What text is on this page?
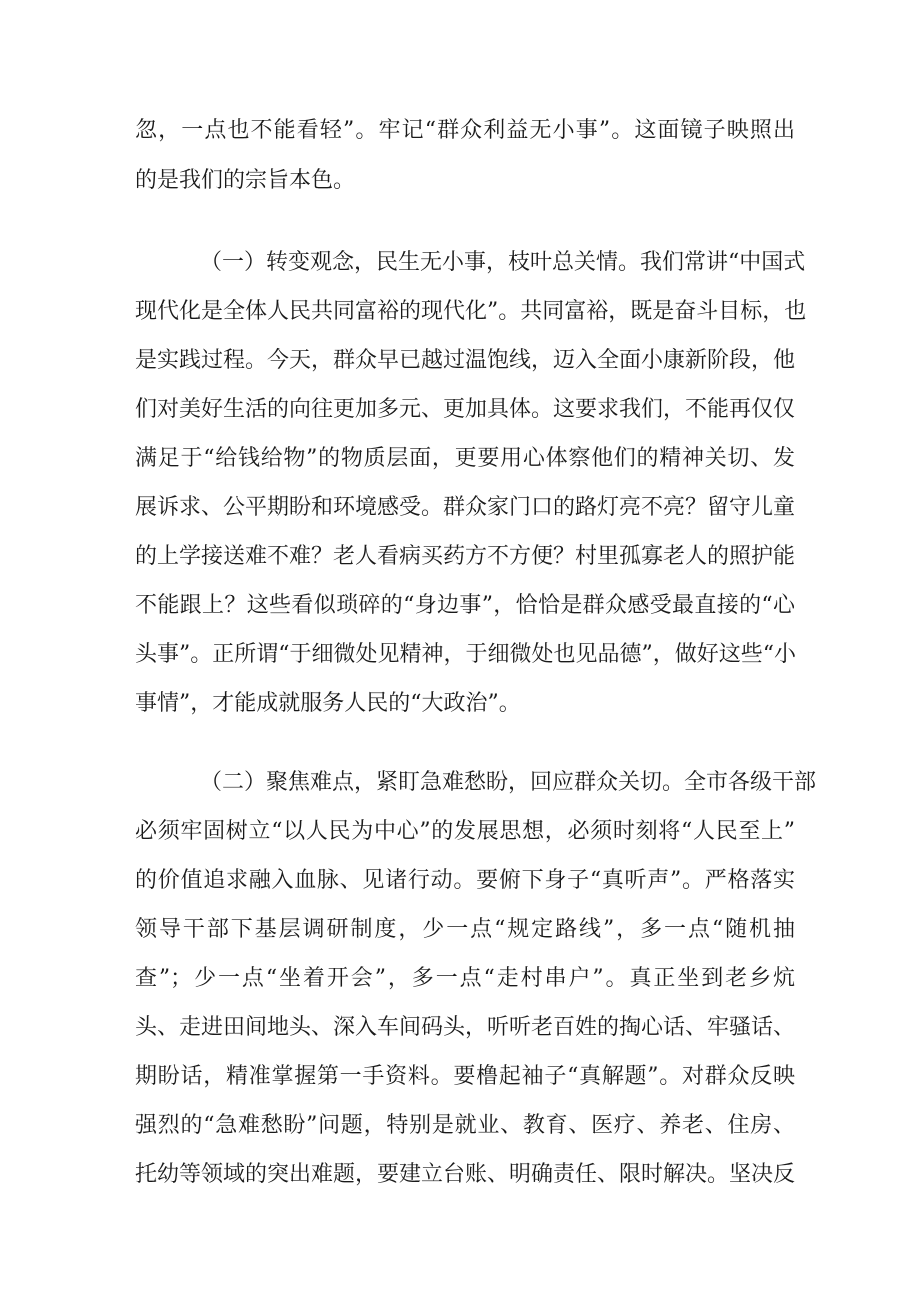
忽，一点也不能看轻”。牢记“群众利益无小事”。这面镜子映照出
的是我们的宗旨本色。
（一）转变观念，民生无小事，枝叶总关情。我们常讲“中国式
现代化是全体人民共同富裕的现代化”。共同富裕，既是奋斗目标，也
是实践过程。今天，群众早已越过温饱线，迈入全面小康新阶段，他
们对美好生活的向往更加多元、更加具体。这要求我们，不能再仅仅
满足于“给钱给物”的物质层面，更要用心体察他们的精神关切、发
展诉求、公平期盼和环境感受。群众家门口的路灯亮不亮？留守儿童
的上学接送难不难？老人看病买药方不方便？村里孤寡老人的照护能
不能跟上？这些看似琐碎的“身边事”，恰恰是群众感受最直接的“心
头事”。正所谓“于细微处见精神，于细微处也见品德”，做好这些“小
事情”，才能成就服务人民的“大政治”。
（二）聚焦难点，紧盯急难愁盼，回应群众关切。全市各级干部
必须牢固树立“以人民为中心”的发展思想，必须时刻将“人民至上”
的价值追求融入血脉、见诸行动。要俯下身子“真听声”。严格落实
领导干部下基层调研制度，少一点“规定路线”，多一点“随机抽
查”；少一点“坐着开会”，多一点“走村串户”。真正坐到老乡炕
头、走进田间地头、深入车间码头，听听老百姓的掏心话、牢骚话、
期盼话，精准掌握第一手资料。要橹起袖子“真解题”。对群众反映
强烈的“急难愁盼”问题，特别是就业、教育、医疗、养老、住房、
托幼等领域的突出难题，要建立台账、明确责任、限时解决。坚决反
